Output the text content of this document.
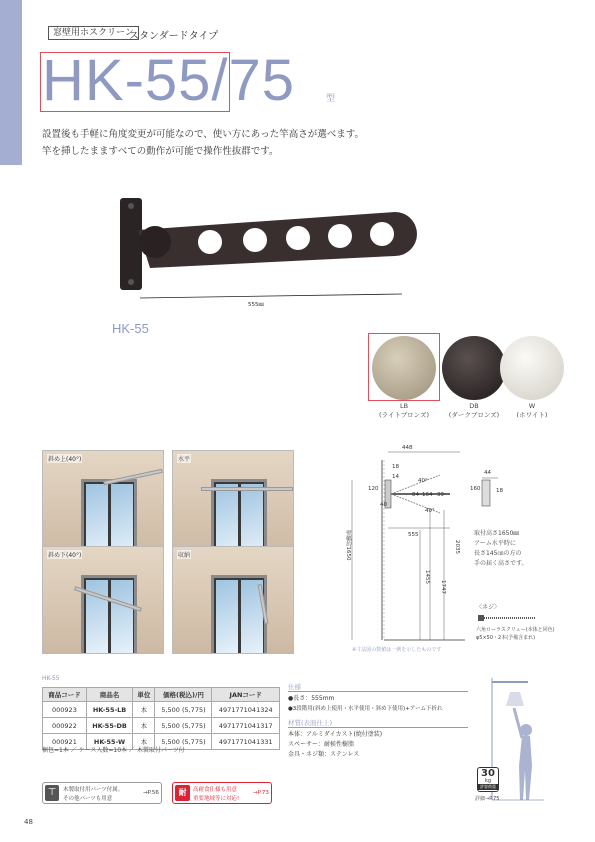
窓壁用ホスクリーン
スタンダードタイプ
HK-55/75	型
設置後も手軽に角度変更が可能なので、使い方にあった竿高さが選べます。
竿を挿したまますべての動作が可能で操作性抜群です。
555㎜
HK-55
LB
(ライトブロンズ)
DB
(ダークブロンズ)
W
(ホワイト)
斜め上(40°)	水平
斜め下(40°)	収納
448
40°
40°
40
18
14
84 164 39
120
555
壁幅約1650
1455
2035
1747
44
18
160
取付高さ1650㎜
アーム水平時に
長さ145㎝の方の
手の届く高さです。
〈ネジ〉
六角ローラスクリュー(本体と同色)
φ5×50・2本(予備含まれ)
※寸法図の数値は一例を示したものです
HK-55
商品コード	商品名	単位	価格(税込)/円	JANコード
000923	HK-55-LB	本	5,500 (5,775)	4971771041324
000922	HK-55-DB	本	5,500 (5,775)	4971771041317
000921	HK-55-W	本	5,500 (5,775)	4971771041331
梱包=1本 ／ ケース入数=10本 ／ 木製取付パーツ付
仕様
●長さ：555mm
●3段階用(斜め上使用・水平使用・斜め下使用)+アーム下折れ
材質(表面仕上)
本体：アルミダイカスト(焼付塗装)
スペーサー：耐候性樹脂
金具・ネジ類：ステンレス
30
kg
許容荷重
詳細→P.75
⊤	木製取付用パーツ付属。
その他パーツも用意
→P.56	耐	高耐食仕様も用意
重要地域等に対応!
→P.73
48
